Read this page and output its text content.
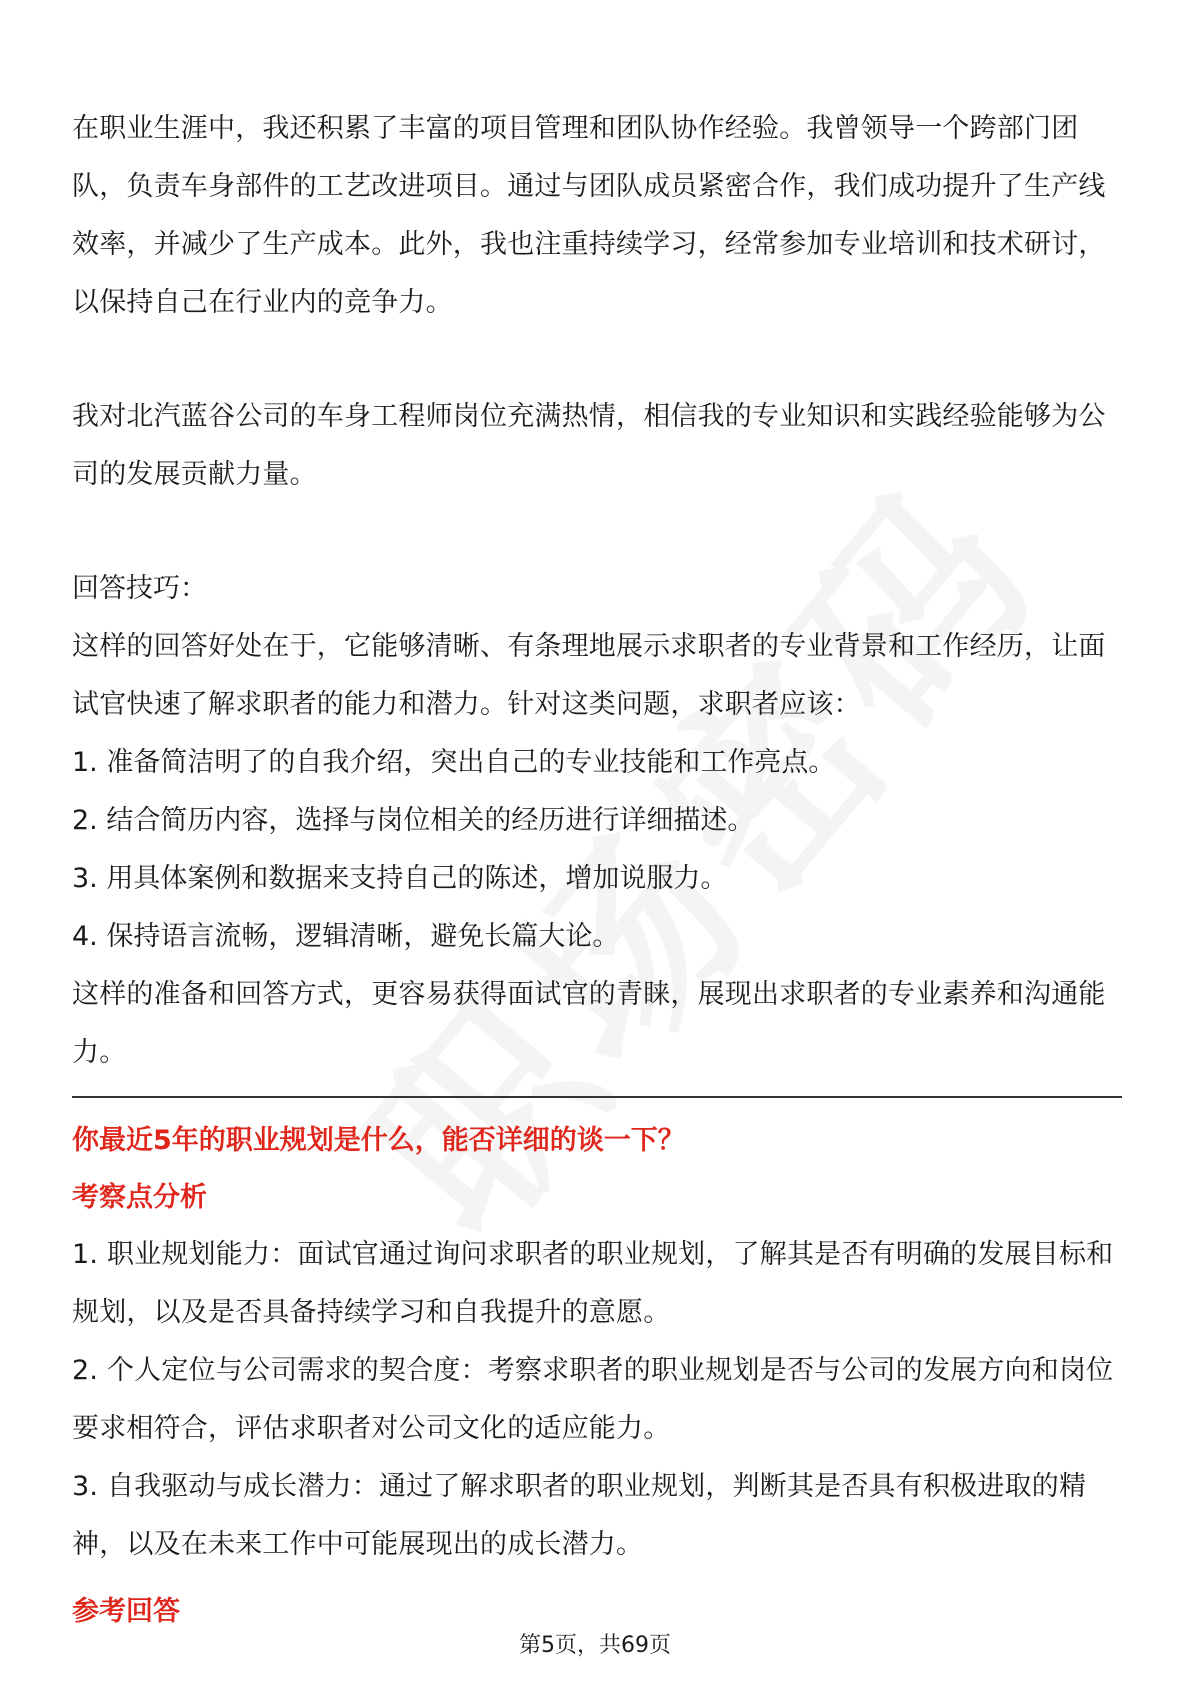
在职业生涯中，我还积累了丰富的项目管理和团队协作经验。我曾领导一个跨部门团队，负责车身部件的工艺改进项目。通过与团队成员紧密合作，我们成功提升了生产线效率，并减少了生产成本。此外，我也注重持续学习，经常参加专业培训和技术研讨，以保持自己在行业内的竞争力。

我对北汽蓝谷公司的车身工程师岗位充满热情，相信我的专业知识和实践经验能够为公司的发展贡献力量。

回答技巧：

这样的回答好处在于，它能够清晰、有条理地展示求职者的专业背景和工作经历，让面试官快速了解求职者的能力和潜力。针对这类问题，求职者应该：

1. 准备简洁明了的自我介绍，突出自己的专业技能和工作亮点。

2. 结合简历内容，选择与岗位相关的经历进行详细描述。

3. 用具体案例和数据来支持自己的陈述，增加说服力。

4. 保持语言流畅，逻辑清晰，避免长篇大论。

这样的准备和回答方式，更容易获得面试官的青睐，展现出求职者的专业素养和沟通能力。

你最近5年的职业规划是什么，能否详细的谈一下？

考察点分析

1. 职业规划能力：面试官通过询问求职者的职业规划，了解其是否有明确的发展目标和规划，以及是否具备持续学习和自我提升的意愿。

2. 个人定位与公司需求的契合度：考察求职者的职业规划是否与公司的发展方向和岗位要求相符合，评估求职者对公司文化的适应能力。

3. 自我驱动与成长潜力：通过了解求职者的职业规划，判断其是否具有积极进取的精神，以及在未来工作中可能展现出的成长潜力。

参考回答

第5页，共69页
